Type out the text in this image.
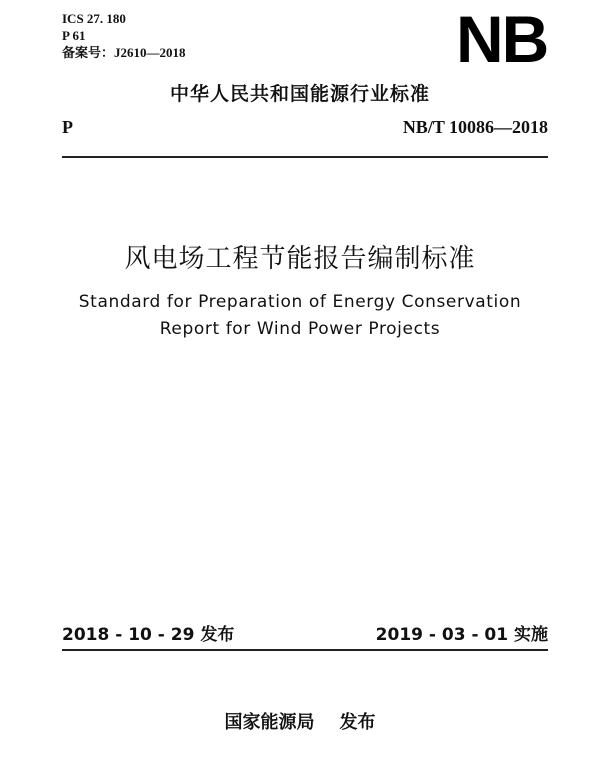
ICS 27. 180
P 61
备案号：J2610—2018	NB
中华人民共和国能源行业标准
P	NB/T 10086—2018
风电场工程节能报告编制标准
Standard for Preparation of Energy Conservation
Report for Wind Power Projects
2018 - 10 - 29 发布	2019 - 03 - 01 实施
国家能源局    发布
